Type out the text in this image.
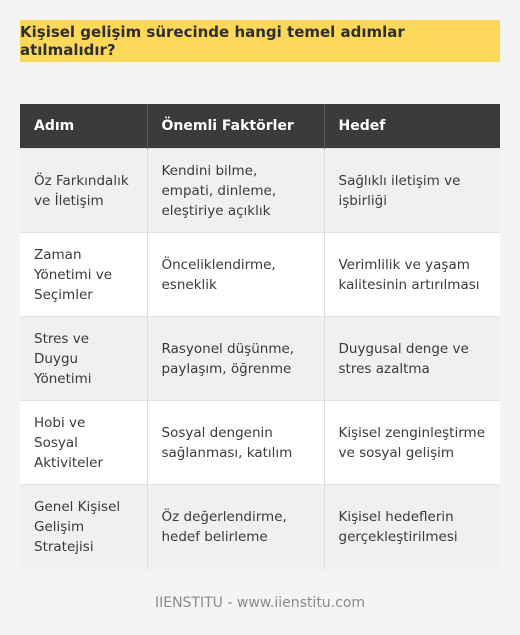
Kişisel gelişim sürecinde hangi temel adımlar atılmalıdır?
Adım	Önemli Faktörler	Hedef
Öz Farkındalık ve İletişim	Kendini bilme, empati, dinleme, eleştiriye açıklık	Sağlıklı iletişim ve işbirliği
Zaman Yönetimi ve Seçimler	Önceliklendirme, esneklik	Verimlilik ve yaşam kalitesinin artırılması
Stres ve Duygu Yönetimi	Rasyonel düşünme, paylaşım, öğrenme	Duygusal denge ve stres azaltma
Hobi ve Sosyal Aktiviteler	Sosyal dengenin sağlanması, katılım	Kişisel zenginleştirme ve sosyal gelişim
Genel Kişisel Gelişim Stratejisi	Öz değerlendirme, hedef belirleme	Kişisel hedeflerin gerçekleştirilmesi
IIENSTITU - www.iienstitu.com
